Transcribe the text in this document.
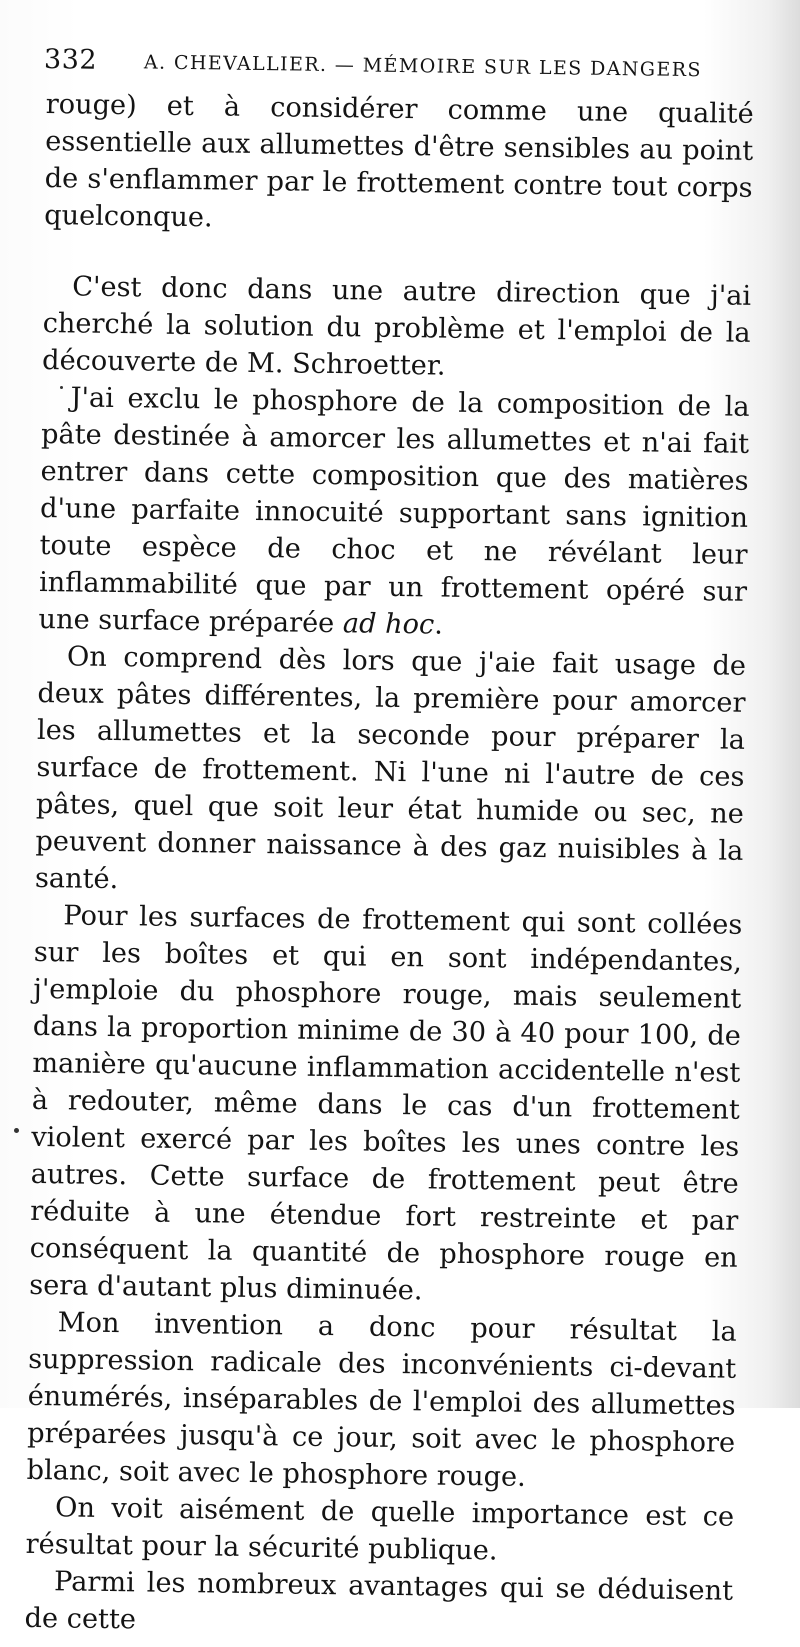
332 A. CHEVALLIER. — MÉMOIRE SUR LES DANGERS

rouge) et à considérer comme une qualité essentielle aux allumettes d'être sensibles au point de s'enflammer par le frottement contre tout corps quelconque.

C'est donc dans une autre direction que j'ai cherché la solution du problème et l'emploi de la découverte de M. Schroetter.

J'ai exclu le phosphore de la composition de la pâte destinée à amorcer les allumettes et n'ai fait entrer dans cette composition que des matières d'une parfaite innocuité supportant sans ignition toute espèce de choc et ne révélant leur inflammabilité que par un frottement opéré sur une surface préparée ad hoc.

On comprend dès lors que j'aie fait usage de deux pâtes différentes, la première pour amorcer les allumettes et la seconde pour préparer la surface de frottement. Ni l'une ni l'autre de ces pâtes, quel que soit leur état humide ou sec, ne peuvent donner naissance à des gaz nuisibles à la santé.

Pour les surfaces de frottement qui sont collées sur les boîtes et qui en sont indépendantes, j'emploie du phosphore rouge, mais seulement dans la proportion minime de 30 à 40 pour 100, de manière qu'aucune inflammation accidentelle n'est à redouter, même dans le cas d'un frottement violent exercé par les boîtes les unes contre les autres. Cette surface de frottement peut être réduite à une étendue fort restreinte et par conséquent la quantité de phosphore rouge en sera d'autant plus diminuée.

Mon invention a donc pour résultat la suppression radicale des inconvénients ci-devant énumérés, inséparables de l'emploi des allumettes préparées jusqu'à ce jour, soit avec le phosphore blanc, soit avec le phosphore rouge.

On voit aisément de quelle importance est ce résultat pour la sécurité publique.

Parmi les nombreux avantages qui se déduisent de cette
